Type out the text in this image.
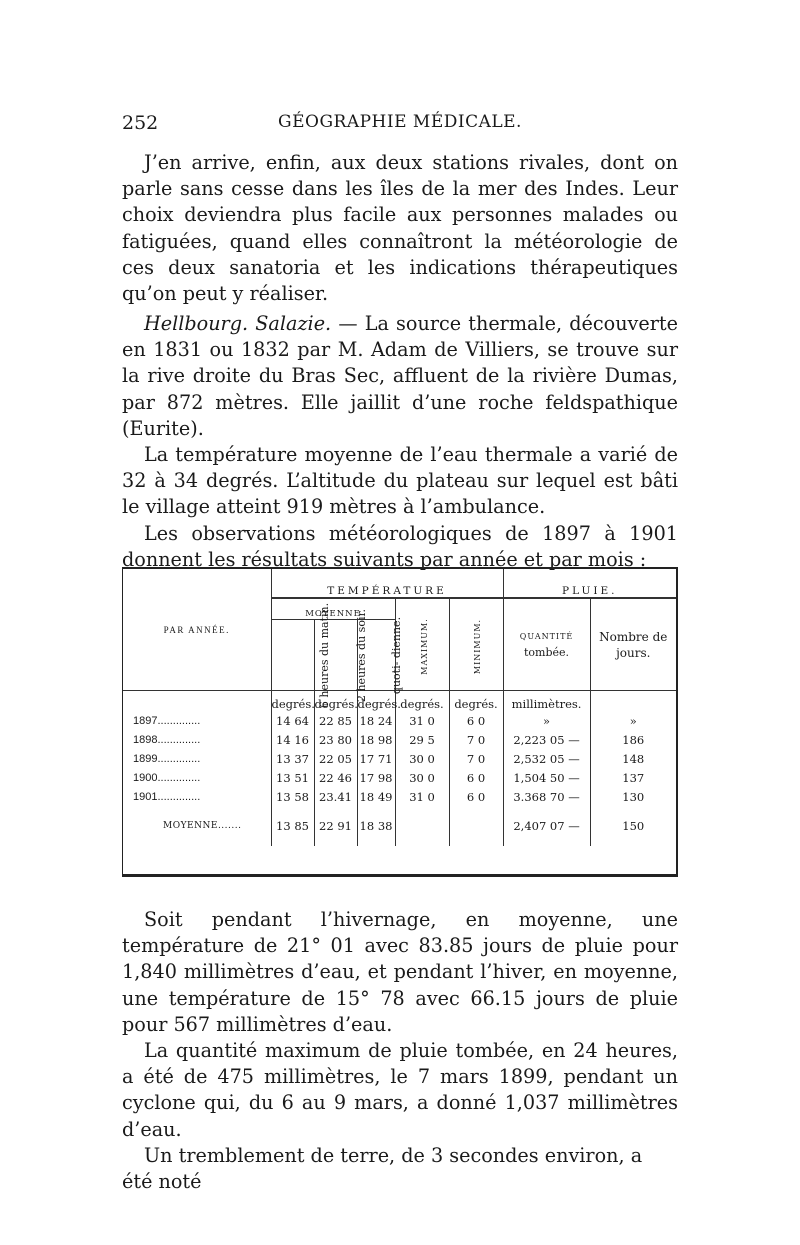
252	GÉOGRAPHIE MÉDICALE.

J’en arrive, enfin, aux deux stations rivales, dont on parle sans cesse dans les îles de la mer des Indes. Leur choix deviendra plus facile aux personnes malades ou fatiguées, quand elles connaîtront la météorologie de ces deux sanatoria et les indications thérapeutiques qu’on peut y réaliser.

Hellbourg. Salazie. — La source thermale, découverte en 1831 ou 1832 par M. Adam de Villiers, se trouve sur la rive droite du Bras Sec, affluent de la rivière Dumas, par 872 mètres. Elle jaillit d’une roche feldspathique (Eurite).

La température moyenne de l’eau thermale a varié de 32 à 34 degrés. L’altitude du plateau sur lequel est bâti le village atteint 919 mètres à l’ambulance.

Les observations météorologiques de 1897 à 1901 donnent les résultats suivants par année et par mois :

PAR ANNÉE.	TEMPÉRATURE					PLUIE.	
	MOYENNE			MAXIMUM.	MINIMUM.	QUANTITÉ
tombée.	Nombre de jours.
	6 heures du matin.	2 heures du soir.	quoti- dienne.				
	degrés.	degrés.	degrés.	degrés.	degrés.	millimètres.	
1897..............	14 64	22 85	18 24	31 0	6 0	»	»
1898..............	14 16	23 80	18 98	29 5	7 0	2,223 05 —	186
1899..............	13 37	22 05	17 71	30 0	7 0	2,532 05 —	148
1900..............	13 51	22 46	17 98	30 0	6 0	1,504 50 —	137
1901..............	13 58	23.41	18 49	31 0	6 0	3.368 70 —	130
MOYENNE.......	13 85	22 91	18 38			2,407 07 —	150

Soit pendant l’hivernage, en moyenne, une température de 21° 01 avec 83.85 jours de pluie pour 1,840 millimètres d’eau, et pendant l’hiver, en moyenne, une température de 15° 78 avec 66.15 jours de pluie pour 567 millimètres d’eau.

La quantité maximum de pluie tombée, en 24 heures, a été de 475 millimètres, le 7 mars 1899, pendant un cyclone qui, du 6 au 9 mars, a donné 1,037 millimètres d’eau.

Un tremblement de terre, de 3 secondes environ, a été noté
